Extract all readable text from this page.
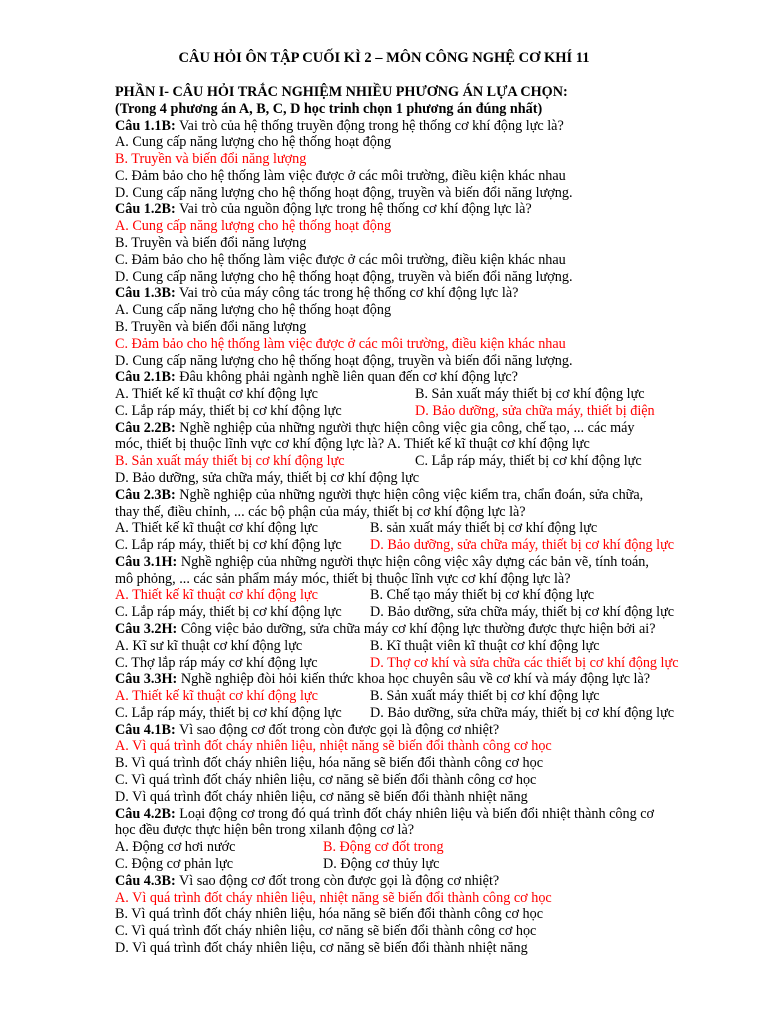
CÂU HỎI ÔN TẬP CUỐI KÌ 2 – MÔN CÔNG NGHỆ CƠ KHÍ 11
PHẦN I- CÂU HỎI TRẮC NGHIỆM NHIỀU PHƯƠNG ÁN LỰA CHỌN:
(Trong 4 phương án A, B, C, D học trinh chọn 1 phương án đúng nhất)
Câu 1.1B: Vai trò của hệ thống truyền động trong hệ thống cơ khí động lực là?
A. Cung cấp năng lượng cho hệ thống hoạt động
B. Truyền và biến đổi năng lượng
C. Đảm bảo cho hệ thống làm việc được ở các môi trường, điều kiện khác nhau
D. Cung cấp năng lượng cho hệ thống hoạt động, truyền và biến đổi năng lượng.
Câu 1.2B: Vai trò của nguồn động lực trong hệ thống cơ khí động lực là?
A. Cung cấp năng lượng cho hệ thống hoạt động
B. Truyền và biến đổi năng lượng
C. Đảm bảo cho hệ thống làm việc được ở các môi trường, điều kiện khác nhau
D. Cung cấp năng lượng cho hệ thống hoạt động, truyền và biến đổi năng lượng.
Câu 1.3B: Vai trò của máy công tác trong hệ thống cơ khí động lực là?
A. Cung cấp năng lượng cho hệ thống hoạt động
B. Truyền và biến đổi năng lượng
C. Đảm bảo cho hệ thống làm việc được ở các môi trường, điều kiện khác nhau
D. Cung cấp năng lượng cho hệ thống hoạt động, truyền và biến đổi năng lượng.
Câu 2.1B: Đâu không phải ngành nghề liên quan đến cơ khí động lực?
A. Thiết kế kĩ thuật cơ khí động lực	B. Sản xuất máy thiết bị cơ khí động lực
C. Lắp ráp máy, thiết bị cơ khí động lực	D. Bảo dưỡng, sửa chữa máy, thiết bị điện
Câu 2.2B: Nghề nghiệp của những người thực hiện công việc gia công, chế tạo, ... các máy
móc, thiết bị thuộc lĩnh vực cơ khí động lực là? A. Thiết kế kĩ thuật cơ khí động lực
B. Sản xuất máy thiết bị cơ khí động lực	C. Lắp ráp máy, thiết bị cơ khí động lực
D. Bảo dưỡng, sửa chữa máy, thiết bị cơ khí động lực
Câu 2.3B: Nghề nghiệp của những người thực hiện công việc kiểm tra, chẩn đoán, sửa chữa,
thay thế, điều chỉnh, ... các bộ phận của máy, thiết bị cơ khí động lực là?
A. Thiết kế kĩ thuật cơ khí động lực	B. sản xuất máy thiết bị cơ khí động lực
C. Lắp ráp máy, thiết bị cơ khí động lực	D. Bảo dưỡng, sửa chữa máy, thiết bị cơ khí động lực
Câu 3.1H: Nghề nghiệp của những người thực hiện công việc xây dựng các bản vẽ, tính toán,
mô phỏng, ... các sản phẩm máy móc, thiết bị thuộc lĩnh vực cơ khí động lực là?
A. Thiết kế kĩ thuật cơ khí động lực	B. Chế tạo máy thiết bị cơ khí động lực
C. Lắp ráp máy, thiết bị cơ khí động lực	D. Bảo dưỡng, sửa chữa máy, thiết bị cơ khí động lực
Câu 3.2H: Công việc bảo dưỡng, sửa chữa máy cơ khí động lực thường được thực hiện bởi ai?
A. Kĩ sư kĩ thuật cơ khí động lực	B. Kĩ thuật viên kĩ thuật cơ khí động lực
C. Thợ lắp ráp máy cơ khí động lực	D. Thợ cơ khí và sửa chữa các thiết bị cơ khí động lực
Câu 3.3H: Nghề nghiệp đòi hỏi kiến thức khoa học chuyên sâu về cơ khí và máy động lực là?
A. Thiết kế kĩ thuật cơ khí động lực	B. Sản xuất máy thiết bị cơ khí động lực
C. Lắp ráp máy, thiết bị cơ khí động lực	D. Bảo dưỡng, sửa chữa máy, thiết bị cơ khí động lực
Câu 4.1B: Vì sao động cơ đốt trong còn được gọi là động cơ nhiệt?
A. Vì quá trình đốt cháy nhiên liệu, nhiệt năng sẽ biến đổi thành công cơ học
B. Vì quá trình đốt cháy nhiên liệu, hóa năng sẽ biến đổi thành công cơ học
C. Vì quá trình đốt cháy nhiên liệu, cơ năng sẽ biến đổi thành công cơ học
D. Vì quá trình đốt cháy nhiên liệu, cơ năng sẽ biến đổi thành nhiệt năng
Câu 4.2B: Loại động cơ trong đó quá trình đốt cháy nhiên liệu và biến đổi nhiệt thành công cơ
học đều được thực hiện bên trong xilanh động cơ là?
A. Động cơ hơi nước	B. Động cơ đốt trong
C. Động cơ phản lực	D. Động cơ thủy lực
Câu 4.3B: Vì sao động cơ đốt trong còn được gọi là động cơ nhiệt?
A. Vì quá trình đốt cháy nhiên liệu, nhiệt năng sẽ biến đổi thành công cơ học
B. Vì quá trình đốt cháy nhiên liệu, hóa năng sẽ biến đổi thành công cơ học
C. Vì quá trình đốt cháy nhiên liệu, cơ năng sẽ biến đổi thành công cơ học
D. Vì quá trình đốt cháy nhiên liệu, cơ năng sẽ biến đổi thành nhiệt năng
